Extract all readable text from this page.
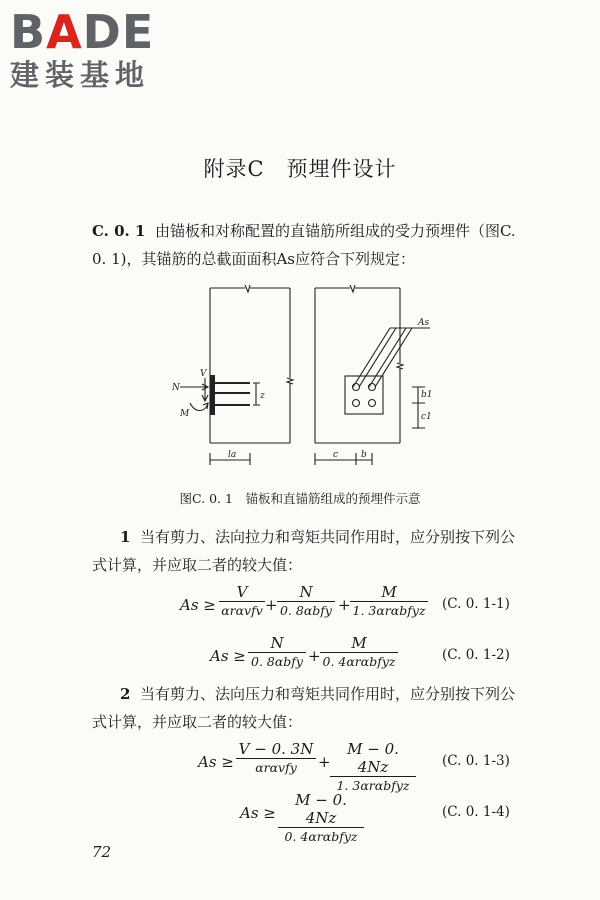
BADE
建装基地
附录C　预埋件设计
C. 0. 1 由锚板和对称配置的直锚筋所组成的受力预埋件（图C. 0. 1)，其锚筋的总截面面积As应符合下列规定：
N
V
M
z
la
As
b1
c1
c	b
图C. 0. 1　锚板和直锚筋组成的预埋件示意
1 当有剪力、法向拉力和弯矩共同作用时，应分别按下列公式计算，并应取二者的较大值：
As ≥
V
αrαvfv +
N
0. 8αbfy +
M
1. 3αrαbfyz (C. 0. 1-1)
As ≥
N
0. 8αbfy +
M
0. 4αrαbfyz	(C. 0. 1-2)
2 当有剪力、法向压力和弯矩共同作用时，应分别按下列公式计算，并应取二者的较大值：
As ≥
V − 0. 3N
αrαvfy	+
M − 0. 4Nz
1. 3αrαbfyz
(C. 0. 1-3)
As ≥
M − 0. 4Nz
0. 4αrαbfyz
(C. 0. 1-4)
72
